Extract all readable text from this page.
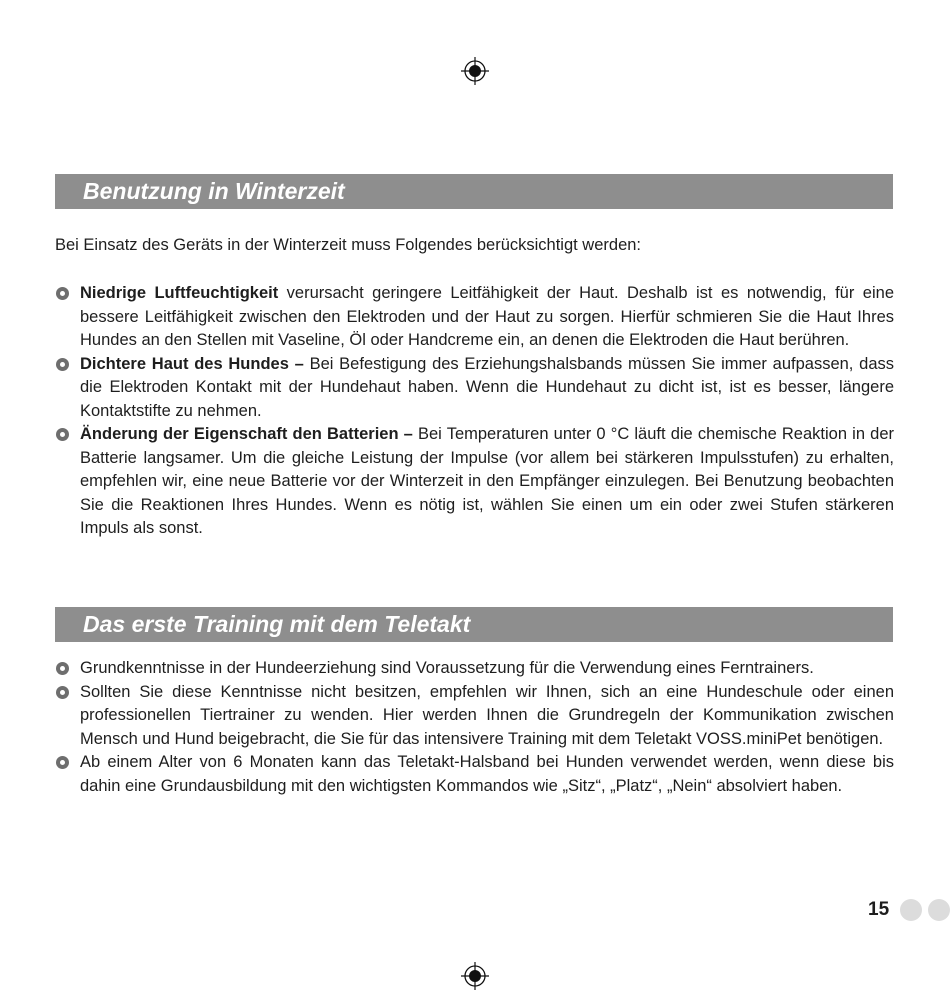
Benutzung in Winterzeit
Bei Einsatz des Geräts in der Winterzeit muss Folgendes berücksichtigt werden:
Niedrige Luftfeuchtigkeit verursacht geringere Leitfähigkeit der Haut. Deshalb ist es notwendig, für eine bessere Leitfähigkeit zwischen den Elektroden und der Haut zu sorgen. Hierfür schmieren Sie die Haut Ihres Hundes an den Stellen mit Vaseline, Öl oder Handcreme ein, an denen die Elektroden die Haut berühren.
Dichtere Haut des Hundes – Bei Befestigung des Erziehungshalsbands müssen Sie immer aufpassen, dass die Elektroden Kontakt mit der Hundehaut haben. Wenn die Hundehaut zu dicht ist, ist es besser, längere Kontaktstifte zu nehmen.
Änderung der Eigenschaft den Batterien – Bei Temperaturen unter 0 °C läuft die chemische Reaktion in der Batterie langsamer. Um die gleiche Leistung der Impulse (vor allem bei stärkeren Impulsstufen) zu erhalten, empfehlen wir, eine neue Batterie vor der Winterzeit in den Empfänger einzulegen. Bei Benutzung beobachten Sie die Reaktionen Ihres Hundes. Wenn es nötig ist, wählen Sie einen um ein oder zwei Stufen stärkeren Impuls als sonst.
Das erste Training mit dem Teletakt
Grundkenntnisse in der Hundeerziehung sind Voraussetzung für die Verwendung eines Ferntrainers.
Sollten Sie diese Kenntnisse nicht besitzen, empfehlen wir Ihnen, sich an eine Hundeschule oder einen professionellen Tiertrainer zu wenden. Hier werden Ihnen die Grundregeln der Kommunikation zwischen Mensch und Hund beigebracht, die Sie für das intensivere Training mit dem Teletakt VOSS.miniPet benötigen.
Ab einem Alter von 6 Monaten kann das Teletakt-Halsband bei Hunden verwendet werden, wenn diese bis dahin eine Grundausbildung mit den wichtigsten Kommandos wie „Sitz“, „Platz“, „Nein“ absolviert haben.
15
